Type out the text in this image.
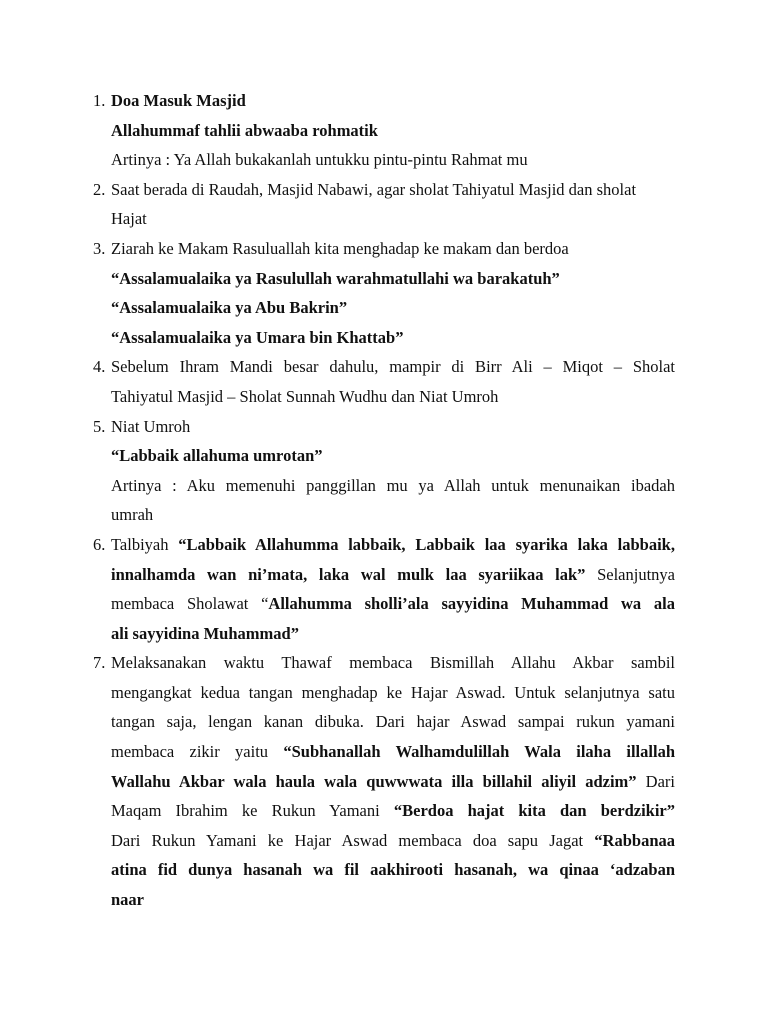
1. Doa Masuk Masjid
Allahummaf tahlii abwaaba rohmatik
Artinya : Ya Allah bukakanlah untukku pintu-pintu Rahmat mu
2. Saat berada di Raudah, Masjid Nabawi, agar sholat Tahiyatul Masjid dan sholat
Hajat
3. Ziarah ke Makam Rasuluallah kita menghadap ke makam dan berdoa
“Assalamualaika ya Rasulullah warahmatullahi wa barakatuh”
“Assalamualaika ya Abu Bakrin”
“Assalamualaika ya Umara bin Khattab”
4. Sebelum Ihram Mandi besar dahulu, mampir di Birr Ali – Miqot – Sholat
Tahiyatul Masjid – Sholat Sunnah Wudhu dan Niat Umroh
5. Niat Umroh
“Labbaik allahuma umrotan”
Artinya : Aku memenuhi panggillan mu ya Allah untuk menunaikan ibadah
umrah
6. Talbiyah “Labbaik Allahumma labbaik, Labbaik laa syarika laka labbaik,
innalhamda wan ni’mata, laka wal mulk laa syariikaa lak” Selanjutnya
membaca Sholawat “Allahumma sholli’ala sayyidina Muhammad wa ala
ali sayyidina Muhammad”
7. Melaksanakan waktu Thawaf membaca Bismillah Allahu Akbar sambil
mengangkat kedua tangan menghadap ke Hajar Aswad. Untuk selanjutnya satu
tangan saja, lengan kanan dibuka. Dari hajar Aswad sampai rukun yamani
membaca zikir yaitu “Subhanallah Walhamdulillah Wala ilaha illallah
Wallahu Akbar wala haula wala quwwwata illa billahil aliyil adzim” Dari
Maqam Ibrahim ke Rukun Yamani “Berdoa hajat kita dan berdzikir”
Dari Rukun Yamani ke Hajar Aswad membaca doa sapu Jagat “Rabbanaa
atina fid dunya hasanah wa fil aakhirooti hasanah, wa qinaa ‘adzaban
naar
